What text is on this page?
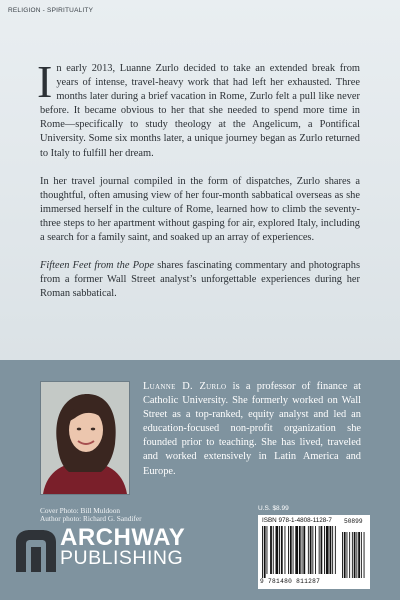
RELIGION - SPIRITUALITY

In early 2013, Luanne Zurlo decided to take an extended break from years of intense, travel-heavy work that had left her exhausted. Three months later during a brief vacation in Rome, Zurlo felt a pull like never before. It became obvious to her that she needed to spend more time in Rome—specifically to study theology at the Angelicum, a Pontifical University. Some six months later, a unique journey began as Zurlo returned to Italy to fulfill her dream.

In her travel journal compiled in the form of dispatches, Zurlo shares a thoughtful, often amusing view of her four-month sabbatical overseas as she immersed herself in the culture of Rome, learned how to climb the seventy-three steps to her apartment without gasping for air, explored Italy, including a search for a family saint, and soaked up an array of experiences.

Fifteen Feet from the Pope shares fascinating commentary and photographs from a former Wall Street analyst’s unforgettable experiences during her Roman sabbatical.

Luanne D. Zurlo is a professor of finance at Catholic University. She formerly worked on Wall Street as a top-ranked, equity analyst and led an education-focused non-profit organization she founded prior to teaching. She has lived, traveled and worked extensively in Latin America and Europe.
Cover Photo: Bill Muldoon
Author photo: Richard G. Sandifer
ARCHWAY
PUBLISHING
U.S. $8.99
ISBN 978-1-4808-1128-7 50899
9 781480 811287
